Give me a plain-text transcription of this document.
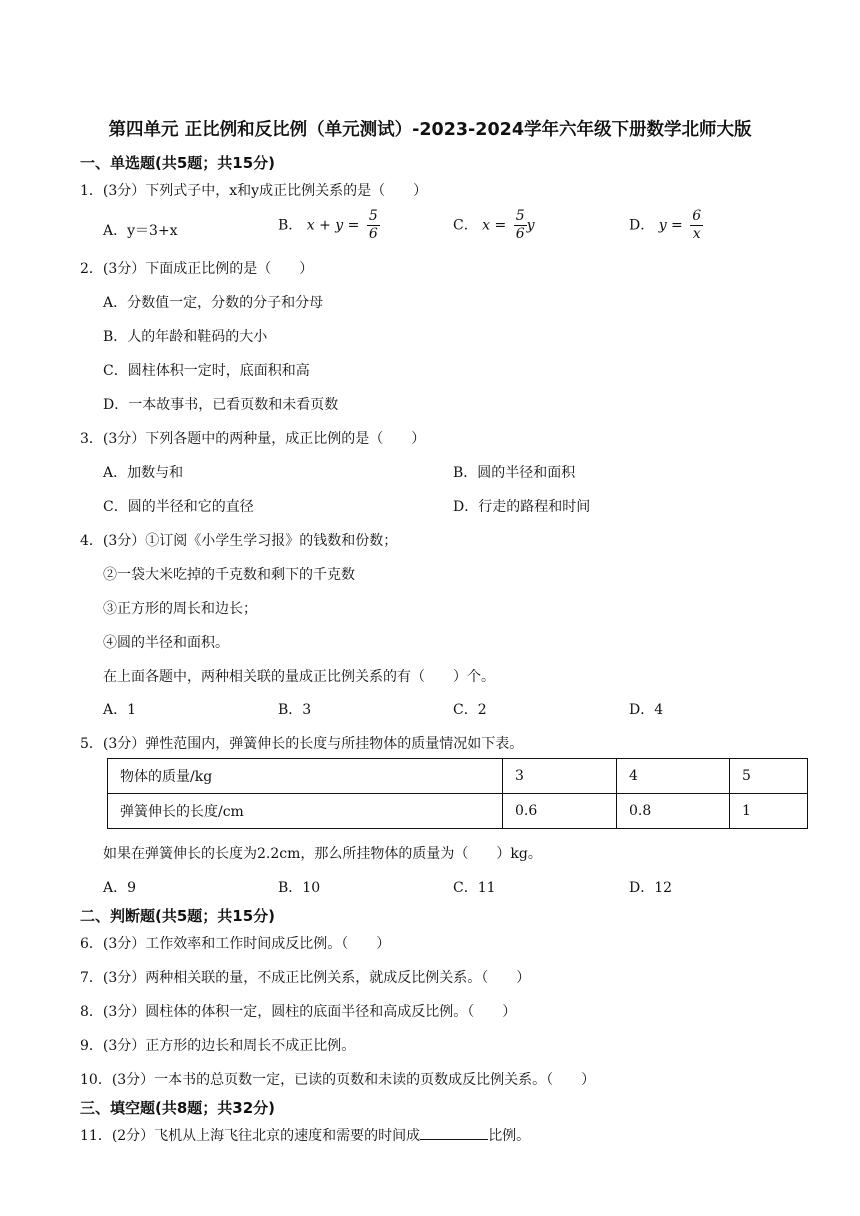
第四单元 正比例和反比例（单元测试）-2023-2024学年六年级下册数学北师大版
一、单选题(共5题；共15分)
1．(3分）下列式子中，x和y成正比例关系的是（　　）
A．y＝3+x	B． $x + y = \frac{5}{6}$	C． $x = \frac{5}{6}$ y	D． $y = \frac{6}{x}$
2．(3分）下面成正比例的是（　　）
A．分数值一定，分数的分子和分母
B．人的年龄和鞋码的大小
C．圆柱体积一定时，底面积和高
D．一本故事书，已看页数和未看页数
3．(3分）下列各题中的两种量，成正比例的是（　　）
A．加数与和	B．圆的半径和面积
C．圆的半径和它的直径	D．行走的路程和时间
4．(3分）①订阅《小学生学习报》的钱数和份数；
②一袋大米吃掉的千克数和剩下的千克数
③正方形的周长和边长；
④圆的半径和面积。
在上面各题中，两种相关联的量成正比例关系的有（　　）个。
A．1	B．3	C．2	D．4
5．(3分）弹性范围内，弹簧伸长的长度与所挂物体的质量情况如下表。
物体的质量/kg	3	4	5
弹簧伸长的长度/cm	0.6	0.8	1
如果在弹簧伸长的长度为2.2cm，那么所挂物体的质量为（　　）kg。
A．9	B．10	C．11	D．12
二、判断题(共5题；共15分)
6．(3分）工作效率和工作时间成反比例。（　　）
7．(3分）两种相关联的量，不成正比例关系，就成反比例关系。（　　）
8．(3分）圆柱体的体积一定，圆柱的底面半径和高成反比例。（　　）
9．(3分）正方形的边长和周长不成正比例。
10．(3分）一本书的总页数一定，已读的页数和未读的页数成反比例关系。（　　）
三、填空题(共8题；共32分)
11．(2分）飞机从上海飞往北京的速度和需要的时间成	比例。
